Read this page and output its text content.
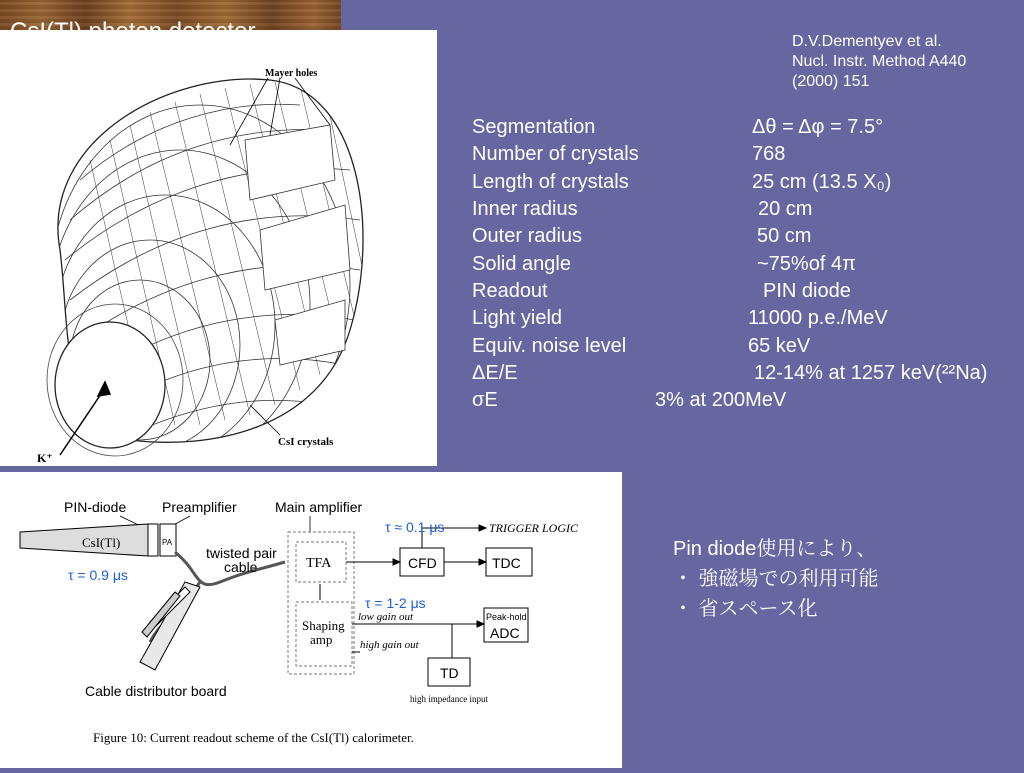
K⁺
Mayer holes
CsI crystals
D.V.Dementyev et al.
Nucl. Instr. Method A440
(2000) 151
Segmentation	Δθ = Δφ = 7.5°
Number of crystals	768
Length of crystals	25 cm (13.5 X₀)
Inner radius	20 cm
Outer radius	50 cm
Solid angle	~75%of 4π
Readout	PIN diode
Light yield	11000 p.e./MeV
Equiv. noise level	65 keV
ΔE/E	12-14% at 1257 keV(²²Na)
σE	3% at 200MeV
PIN-diode	Preamplifier	Main amplifier
CsI(Tl)	PA
τ = 0.9 μs
twisted pair
cable
Cable distributor board
TFA
Shaping
amp
CFD	TDC
τ ≈ 0.1 μs	TRIGGER LOGIC
τ = 1-2 μs
low gain out
high gain out
Peak-hold
ADC
TD
high impedance input
Figure 10: Current readout scheme of the CsI(Tl) calorimeter.
Pin diode使用により、
・ 強磁場での利用可能
・ 省スペース化
